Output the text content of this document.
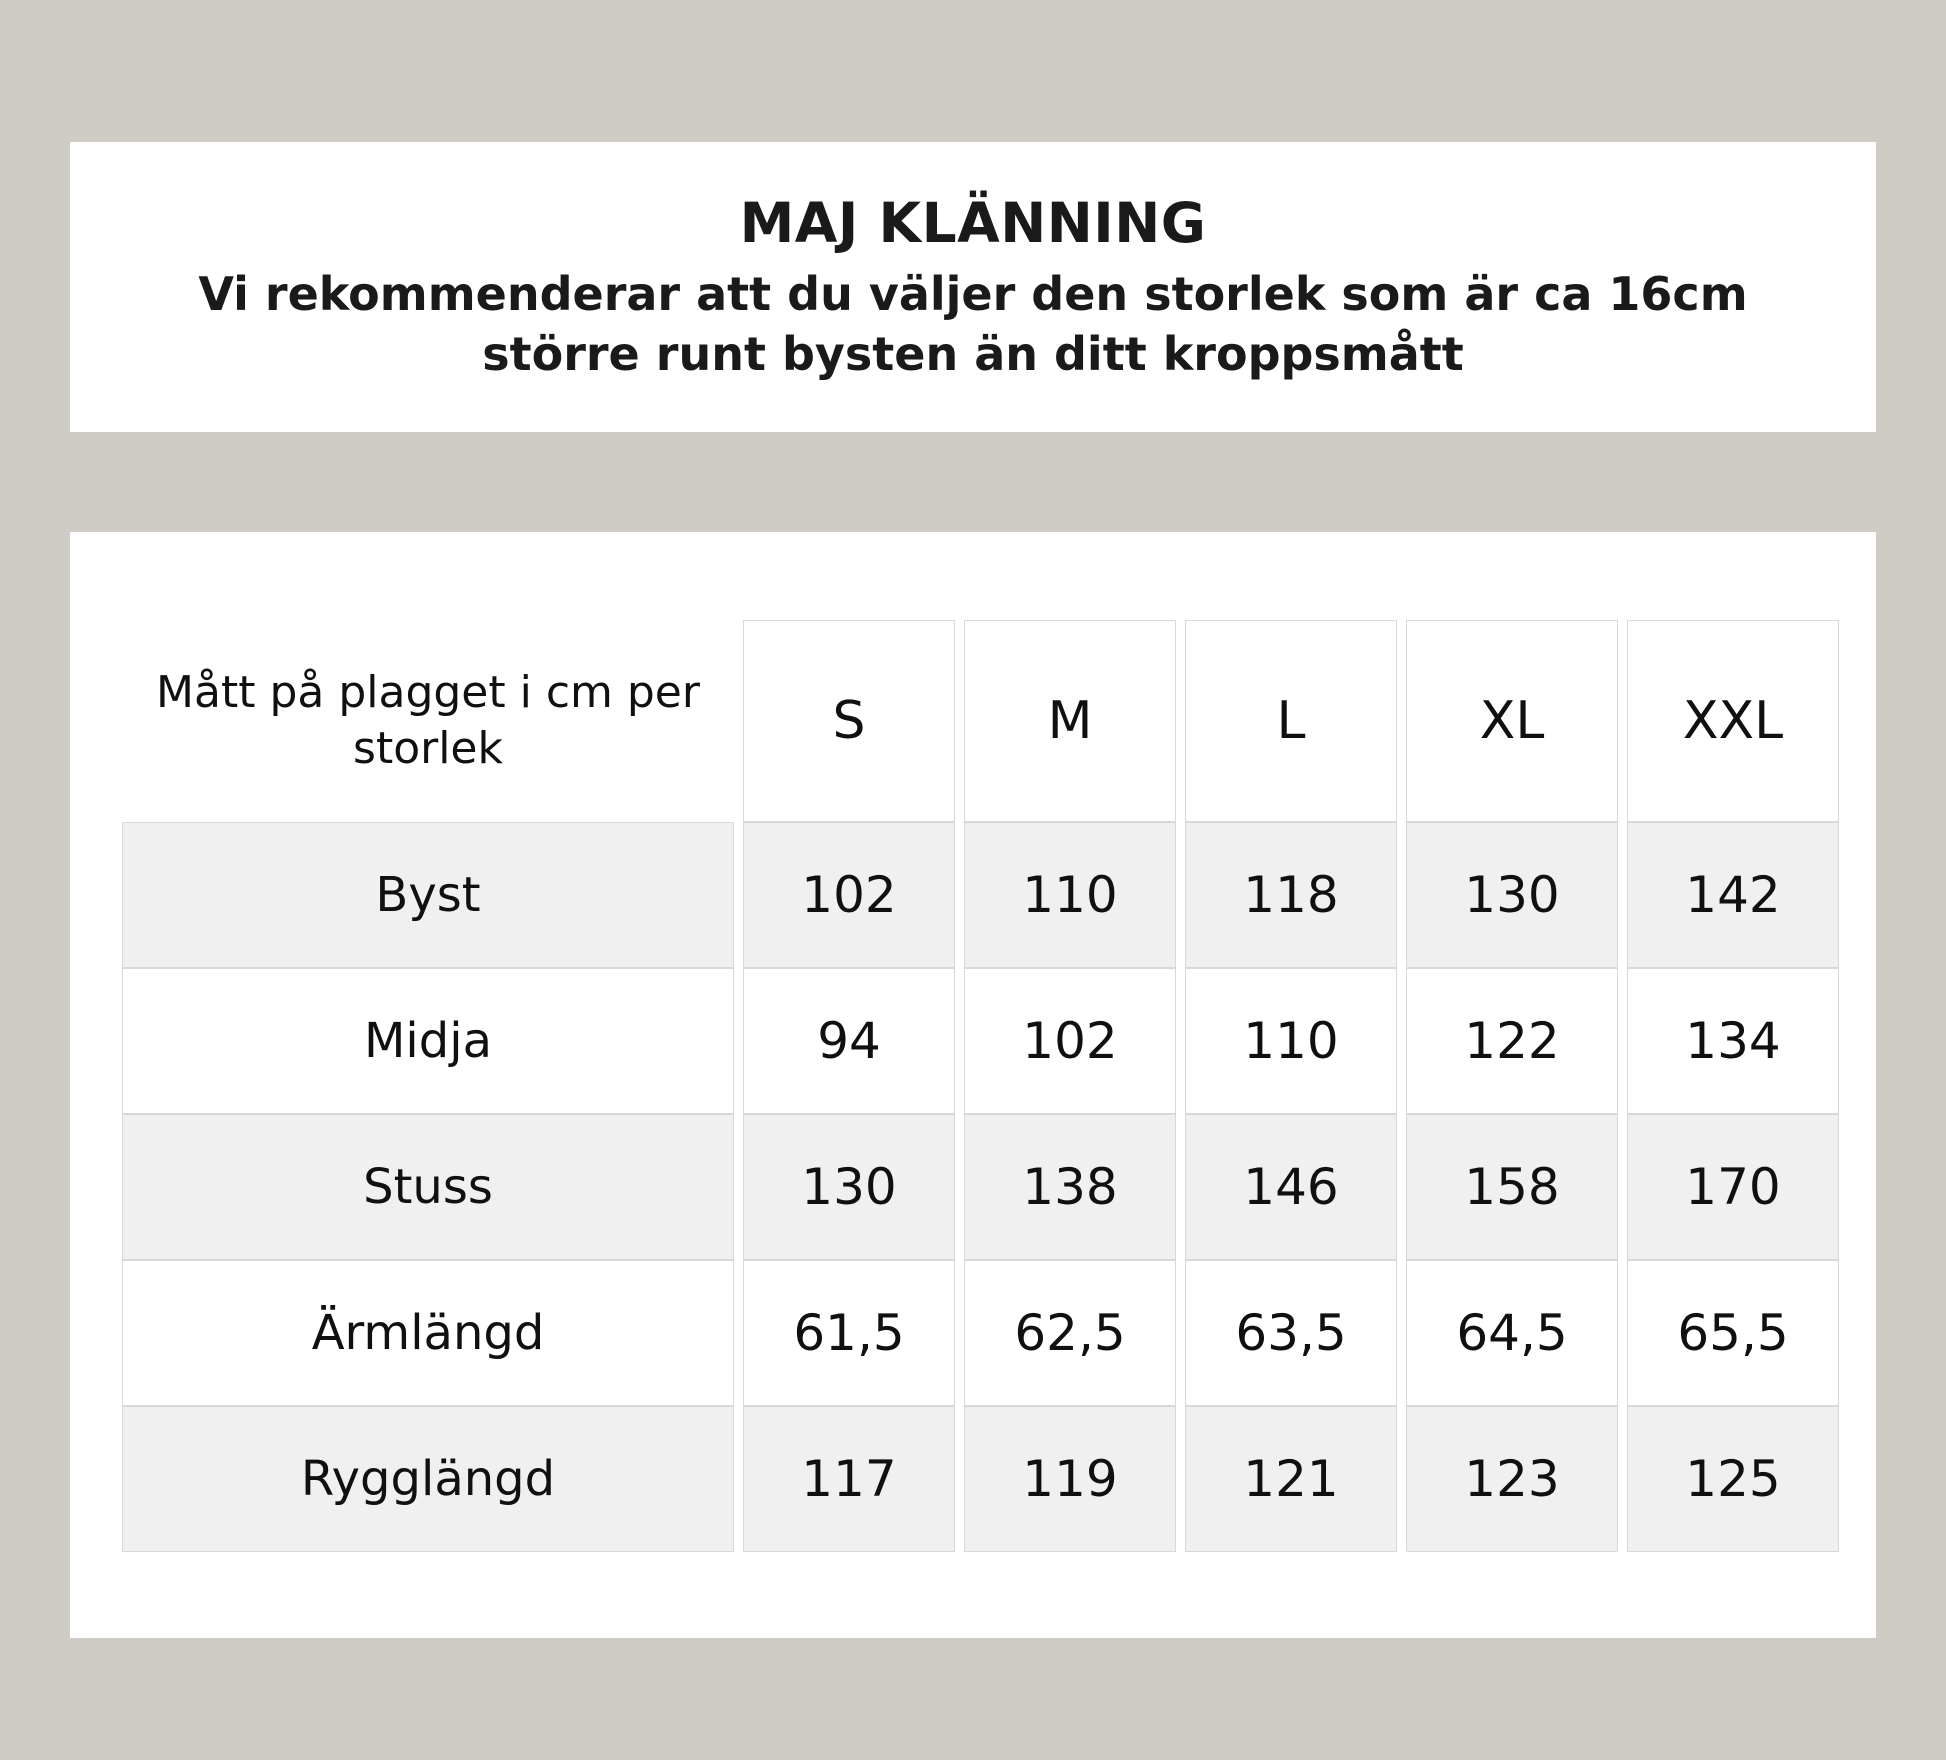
MAJ KLÄNNING
Vi rekommenderar att du väljer den storlek som är ca 16cm större runt bysten än ditt kroppsmått
Mått på plagget i cm per storlek	S	M	L	XL	XXL
Byst	102	110	118	130	142
Midja	94	102	110	122	134
Stuss	130	138	146	158	170
Ärmlängd	61,5	62,5	63,5	64,5	65,5
Rygglängd	117	119	121	123	125
